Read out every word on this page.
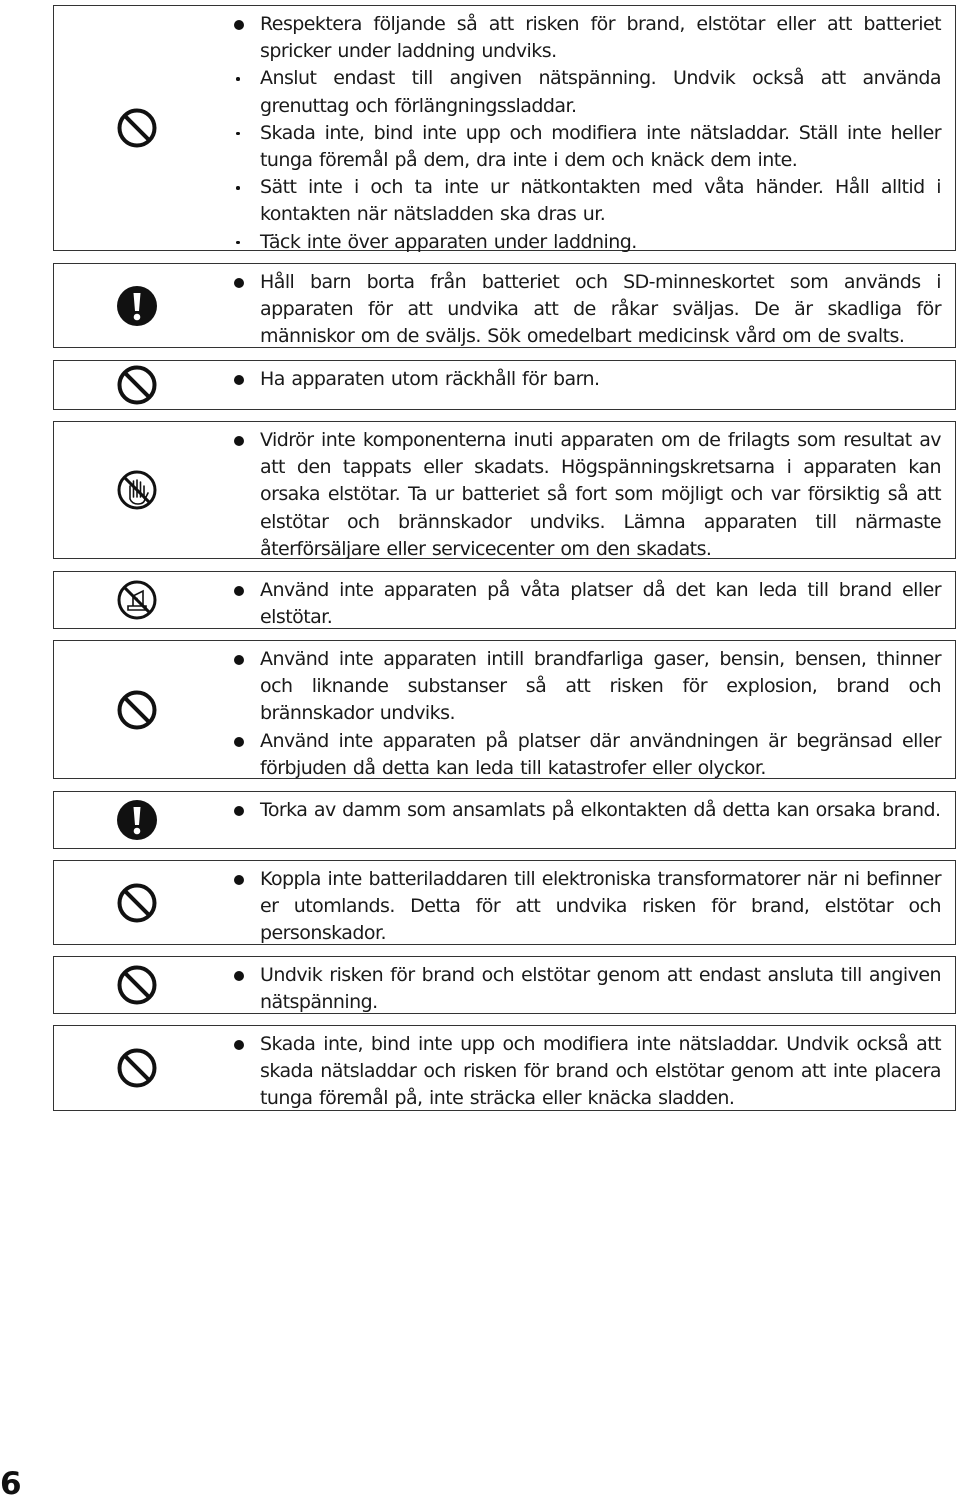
Respektera följande så att risken för brand, elstötar eller att batteriet spricker under laddning undviks.
Anslut endast till angiven nätspänning. Undvik också att använda grenuttag och förlängningssladdar.
Skada inte, bind inte upp och modifiera inte nätsladdar. Ställ inte heller tunga föremål på dem, dra inte i dem och knäck dem inte.
Sätt inte i och ta inte ur nätkontakten med våta händer. Håll alltid i kontakten när nätsladden ska dras ur.
Täck inte över apparaten under laddning.
Håll barn borta från batteriet och SD-minneskortet som används i apparaten för att undvika att de råkar sväljas. De är skadliga för människor om de sväljs. Sök omedelbart medicinsk vård om de svalts.
Ha apparaten utom räckhåll för barn.
Vidrör inte komponenterna inuti apparaten om de frilagts som resultat av att den tappats eller skadats. Högspänningskretsarna i apparaten kan orsaka elstötar. Ta ur batteriet så fort som möjligt och var försiktig så att elstötar och brännskador undviks. Lämna apparaten till närmaste återförsäljare eller servicecenter om den skadats.
Använd inte apparaten på våta platser då det kan leda till brand eller elstötar.
Använd inte apparaten intill brandfarliga gaser, bensin, bensen, thinner och liknande substanser så att risken för explosion, brand och brännskador undviks.
Använd inte apparaten på platser där användningen är begränsad eller förbjuden då detta kan leda till katastrofer eller olyckor.
Torka av damm som ansamlats på elkontakten då detta kan orsaka brand.
Koppla inte batteriladdaren till elektroniska transformatorer när ni befinner er utomlands. Detta för att undvika risken för brand, elstötar och personskador.
Undvik risken för brand och elstötar genom att endast ansluta till angiven nätspänning.
Skada inte, bind inte upp och modifiera inte nätsladdar. Undvik också att skada nätsladdar och risken för brand och elstötar genom att inte placera tunga föremål på, inte sträcka eller knäcka sladden.
6
